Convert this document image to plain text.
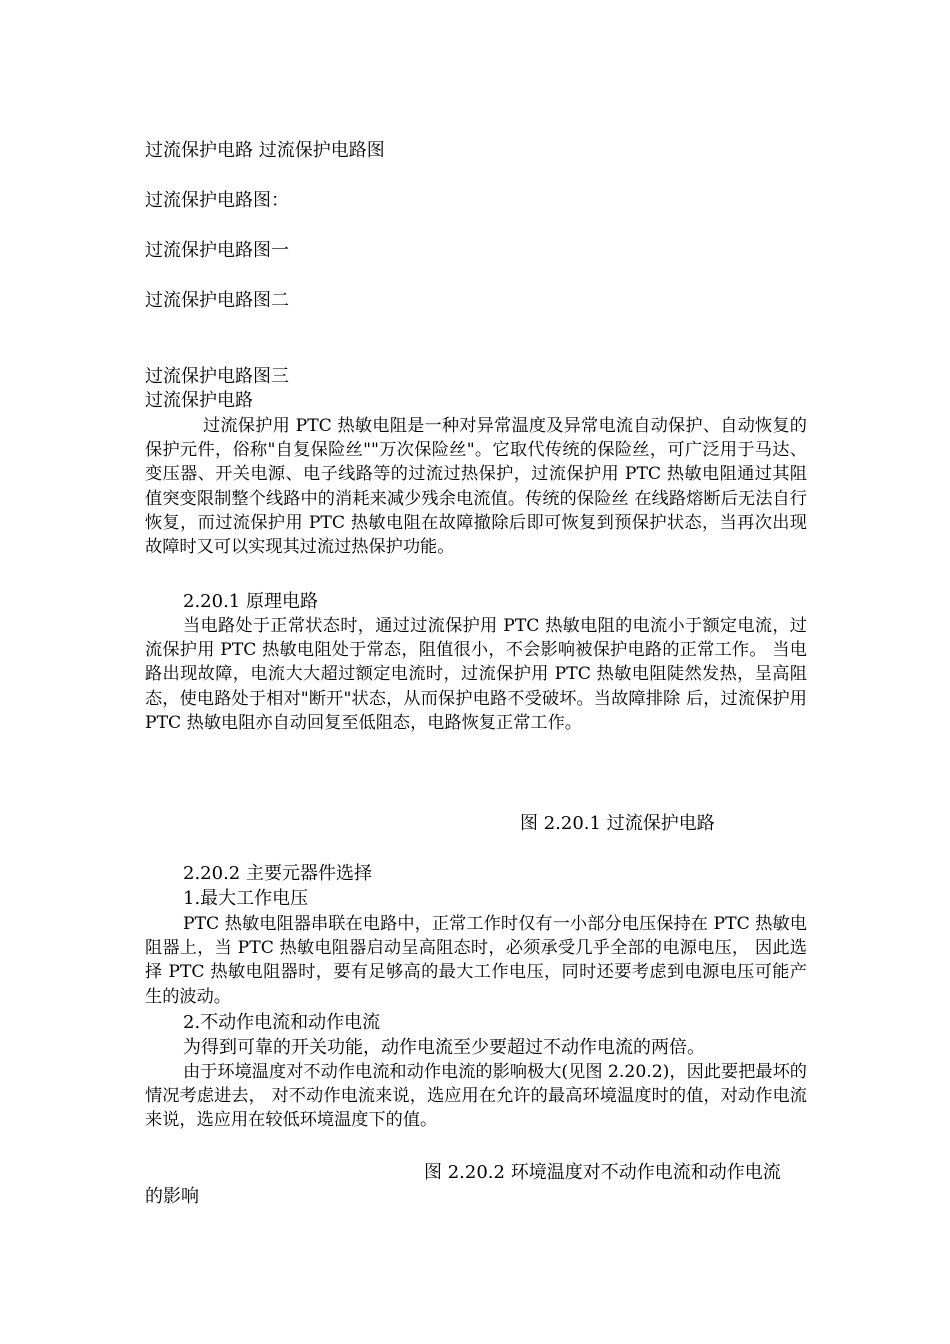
过流保护电路 过流保护电路图
过流保护电路图：
过流保护电路图一
过流保护电路图二
过流保护电路图三
过流保护电路

过流保护用 PTC 热敏电阻是一种对异常温度及异常电流自动保护、自动恢复的保护元件，俗称"自复保险丝""万次保险丝"。它取代传统的保险丝，可广泛用于马达、变压器、开关电源、电子线路等的过流过热保护，过流保护用 PTC 热敏电阻通过其阻值突变限制整个线路中的消耗来减少残余电流值。传统的保险丝 在线路熔断后无法自行恢复，而过流保护用 PTC 热敏电阻在故障撤除后即可恢复到预保护状态，当再次出现故障时又可以实现其过流过热保护功能。

2.20.1 原理电路

当电路处于正常状态时，通过过流保护用 PTC 热敏电阻的电流小于额定电流，过流保护用 PTC 热敏电阻处于常态，阻值很小，不会影响被保护电路的正常工作。 当电路出现故障，电流大大超过额定电流时，过流保护用 PTC 热敏电阻陡然发热，呈高阻态，使电路处于相对"断开"状态，从而保护电路不受破坏。当故障排除 后，过流保护用 PTC 热敏电阻亦自动回复至低阻态，电路恢复正常工作。

图 2.20.1 过流保护电路
2.20.2 主要元器件选择
1.最大工作电压

PTC 热敏电阻器串联在电路中，正常工作时仅有一小部分电压保持在 PTC 热敏电阻器上，当 PTC 热敏电阻器启动呈高阻态时，必须承受几乎全部的电源电压， 因此选择 PTC 热敏电阻器时，要有足够高的最大工作电压，同时还要考虑到电源电压可能产生的波动。

2.不动作电流和动作电流
为得到可靠的开关功能，动作电流至少要超过不动作电流的两倍。

由于环境温度对不动作电流和动作电流的影响极大(见图 2.20.2)，因此要把最坏的情况考虑进去， 对不动作电流来说，选应用在允许的最高环境温度时的值，对动作电流来说，选应用在较低环境温度下的值。

图 2.20.2 环境温度对不动作电流和动作电流
的影响
